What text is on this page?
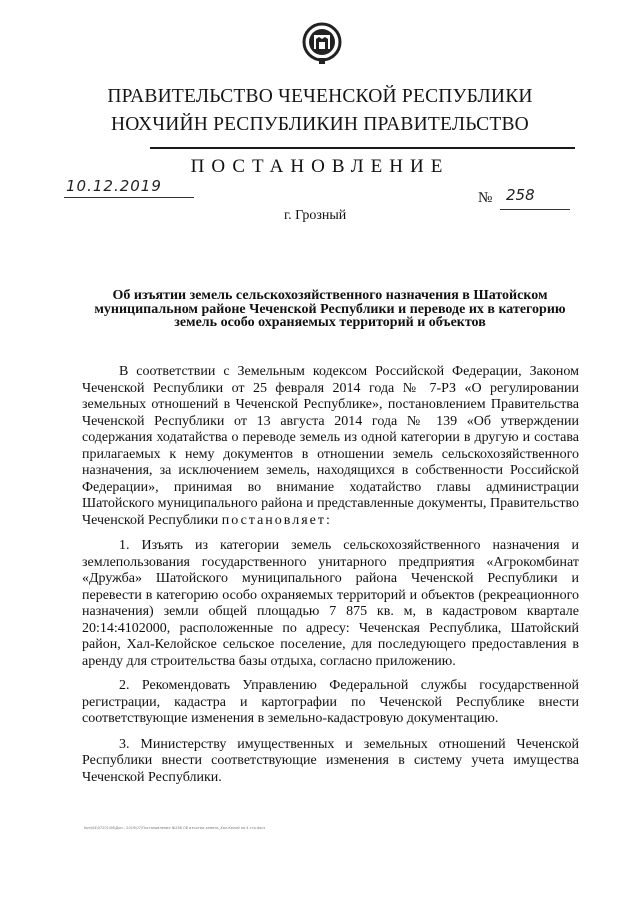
ПРАВИТЕЛЬСТВО ЧЕЧЕНСКОЙ РЕСПУБЛИКИ
НОХЧИЙН РЕСПУБЛИКИН ПРАВИТЕЛЬСТВО
ПОСТАНОВЛЕНИЕ
10.12.2019
№ 258
г. Грозный
Об изъятии земель сельскохозяйственного назначения в Шатойском муниципальном районе Чеченской Республики и переводе их в категорию земель особо охраняемых территорий и объектов

В соответствии с Земельным кодексом Российской Федерации, Законом Чеченской Республики от 25 февраля 2014 года № 7-РЗ «О регулировании земельных отношений в Чеченской Республике», постановлением Правительства Чеченской Республики от 13 августа 2014 года № 139 «Об утверждении содержания ходатайства о переводе земель из одной категории в другую и состава прилагаемых к нему документов в отношении земель сельскохозяйственного назначения, за исключением земель, находящихся в собственности Российской Федерации», принимая во внимание ходатайство главы администрации Шатойского муниципального района и представленные документы, Правительство Чеченской Республики постановляет:

1. Изъять из категории земель сельскохозяйственного назначения и землепользования государственного унитарного предприятия «Агрокомбинат «Дружба» Шатойского муниципального района Чеченской Республики и перевести в категорию особо охраняемых территорий и объектов (рекреационного назначения) земли общей площадью 7 875 кв. м, в кадастровом квартале 20:14:4102000, расположенные по адресу: Чеченская Республика, Шатойский район, Хал-Келойское сельское поселение, для последующего предоставления в аренду для строительства базы отдыха, согласно приложению.

2. Рекомендовать Управлению Федеральной службы государственной регистрации, кадастра и картографии по Чеченской Республике внести соответствующие изменения в земельно-кадастровую документацию.

3. Министерству имущественных и земельных отношений Чеченской Республики внести соответствующие изменения в систему учета имущества Чеченской Республики.

fqm\04\07201\06\Дон - 2019\07\Постановление №258 Об изъятии земель_Хал-Келой на 4 стр.docx
